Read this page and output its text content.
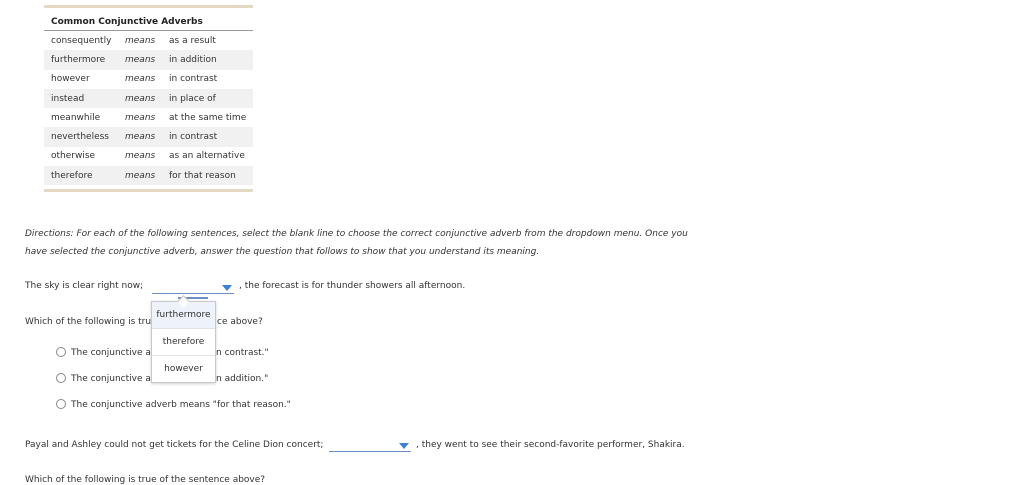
Common Conjunctive Adverbs
consequently	means	as a result
furthermore	means	in addition
however	means	in contrast
instead	means	in place of
meanwhile	means	at the same time
nevertheless	means	in contrast
otherwise	means	as an alternative
therefore	means	for that reason
Directions: For each of the following sentences, select the blank line to choose the correct conjunctive adverb from the dropdown menu. Once you have selected the conjunctive adverb, answer the question that follows to show that you understand its meaning.
The sky is clear right now;	, the forecast is for thunder showers all afternoon.
Which of the following is tru	ce above?
The conjunctive a	n contrast."
The conjunctive a	n addition."
The conjunctive adverb means "for that reason."
furthermore
therefore
however
Payal and Ashley could not get tickets for the Celine Dion concert;	, they went to see their second-favorite performer, Shakira.
Which of the following is true of the sentence above?
